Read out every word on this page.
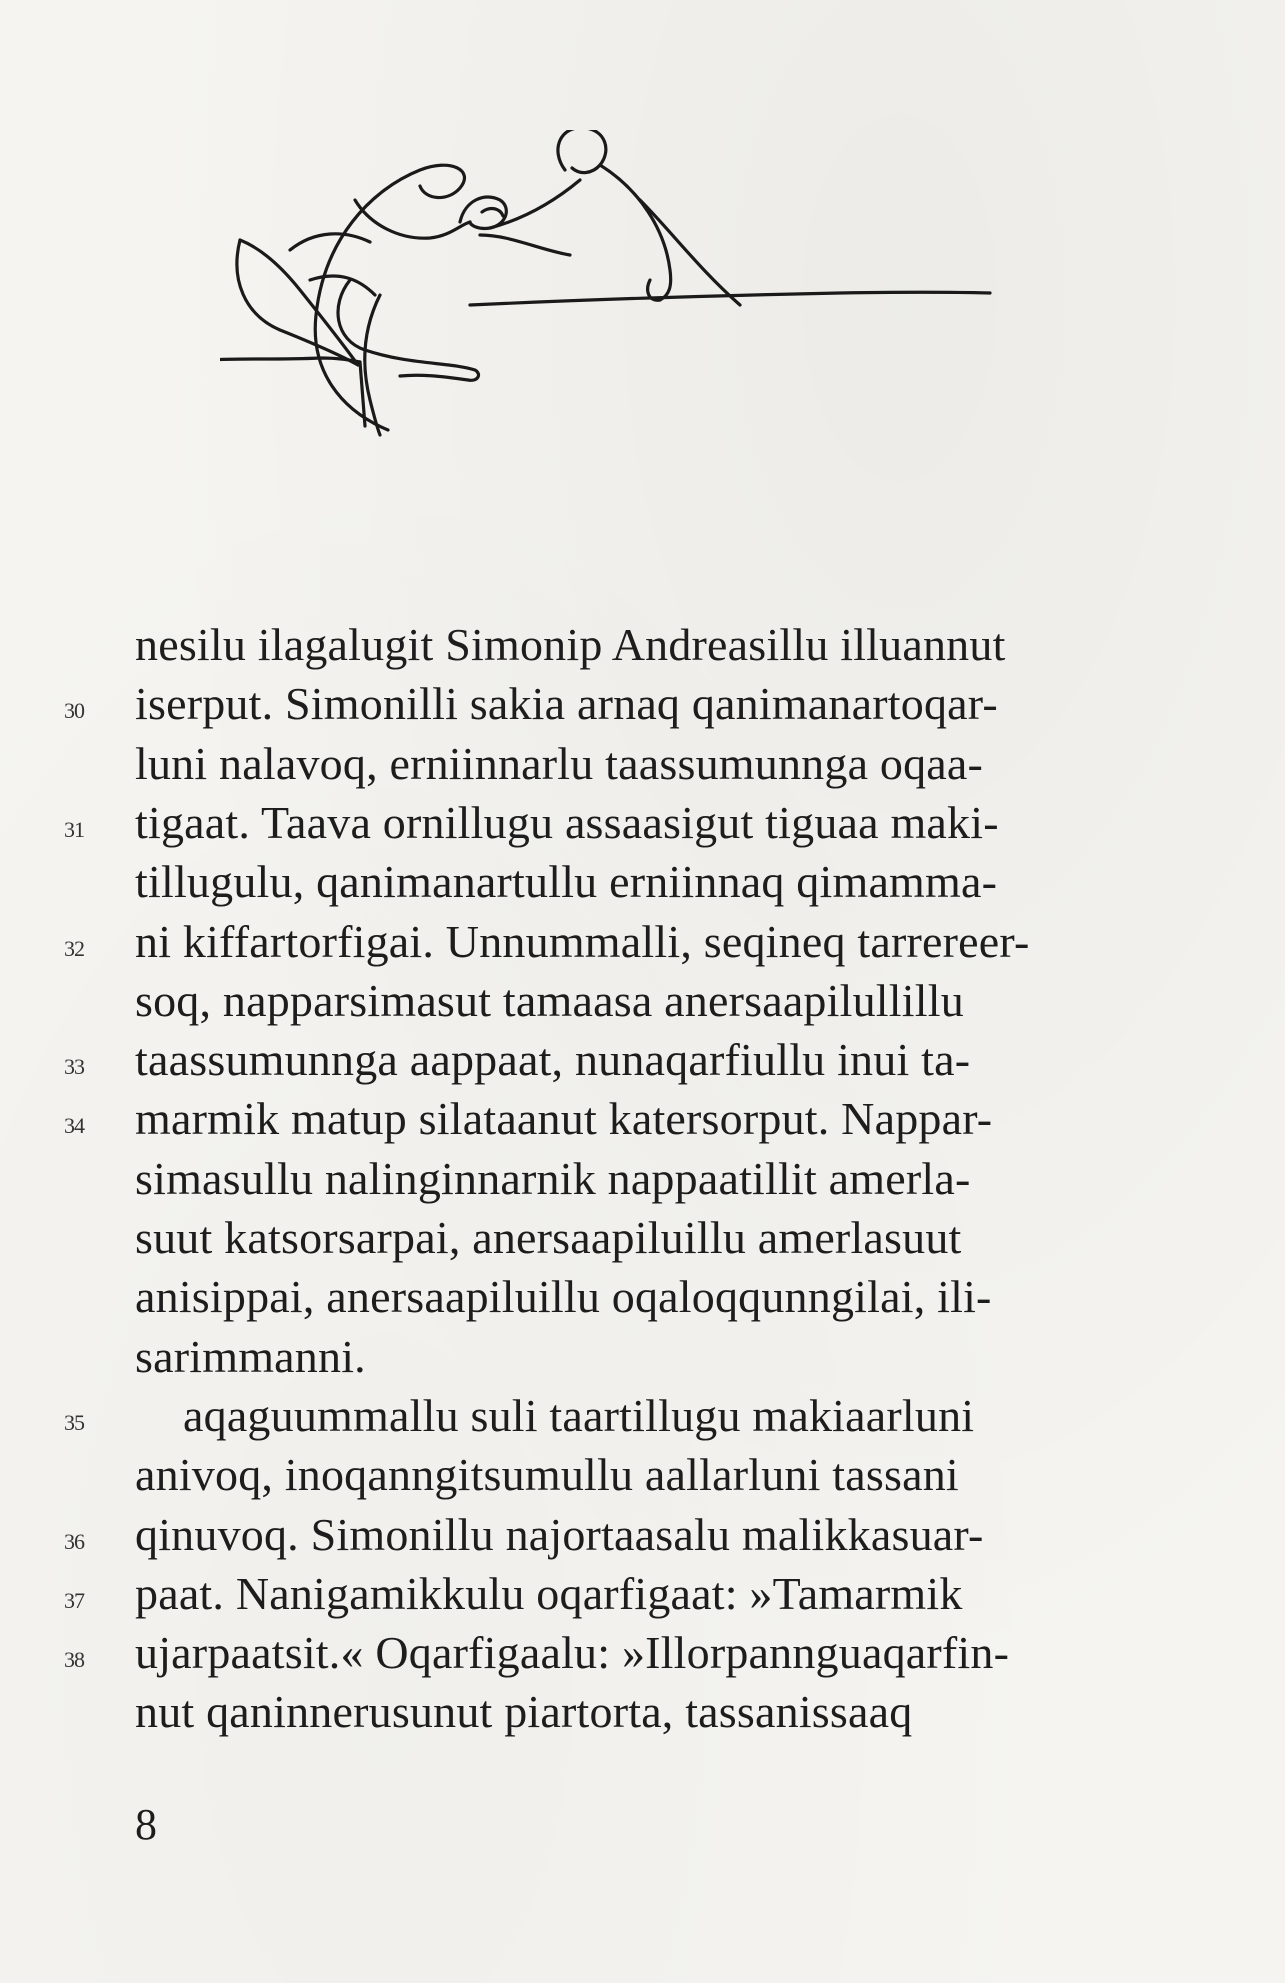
nesilu ilagalugit Simonip Andreasillu illuannut
30	iserput. Simonilli sakia arnaq qanimanartoqar-
luni nalavoq, erniinnarlu taassumunnga oqaa-
31	tigaat. Taava ornillugu assaasigut tiguaa maki-
tillugulu, qanimanartullu erniinnaq qimamma-
32	ni kiffartorfigai. Unnummalli, seqineq tarrereer-
soq, napparsimasut tamaasa anersaapilullillu
33	taassumunnga aappaat, nunaqarfiullu inui ta-
34	marmik matup silataanut katersorput. Nappar-
simasullu nalinginnarnik nappaatillit amerla-
suut katsorsarpai, anersaapiluillu amerlasuut
anisippai, anersaapiluillu oqaloqqunngilai, ili-
sarimmanni.
35	aqaguummallu suli taartillugu makiaarluni
anivoq, inoqanngitsumullu aallarluni tassani
36	qinuvoq. Simonillu najortaasalu malikkasuar-
37	paat. Nanigamikkulu oqarfigaat: »Tamarmik
38	ujarpaatsit.« Oqarfigaalu: »Illorpannguaqarfin-
nut qaninnerusunut piartorta, tassanissaaq
8
